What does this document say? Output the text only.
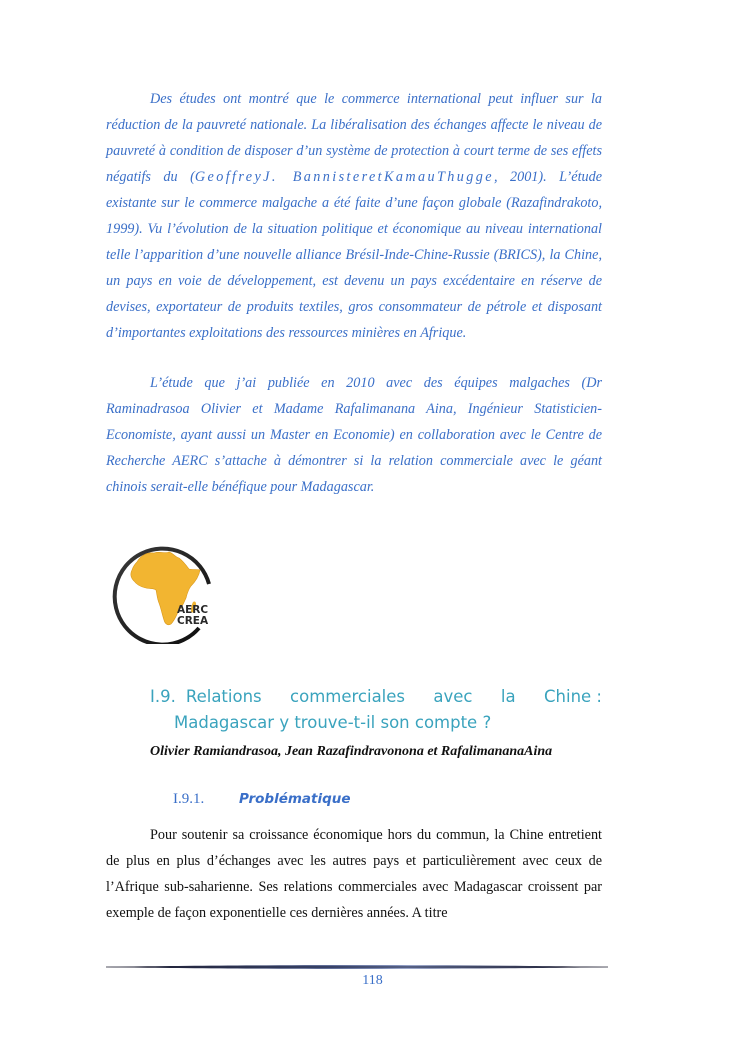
Des études ont montré que le commerce international peut influer sur la réduction de la pauvreté nationale. La libéralisation des échanges affecte le niveau de pauvreté à condition de disposer d’un système de protection à court terme de ses effets négatifs du (GeoffreyJ. BannisteretKamauThugge, 2001). L’étude existante sur le commerce malgache a été faite d’une façon globale (Razafindrakoto, 1999). Vu l’évolution de la situation politique et économique au niveau international telle l’apparition d’une nouvelle alliance Brésil-Inde-Chine-Russie (BRICS), la Chine, un pays en voie de développement, est devenu un pays excédentaire en réserve de devises, exportateur de produits textiles, gros consommateur de pétrole et disposant d’importantes exploitations des ressources minières en Afrique.

L’étude que j’ai publiée en 2010 avec des équipes malgaches (Dr Raminadrasoa Olivier et Madame Rafalimanana Aina, Ingénieur Statisticien-Economiste, ayant aussi un Master en Economie) en collaboration avec le Centre de Recherche AERC s’attache à démontrer si la relation commerciale avec le géant chinois serait-elle bénéfique pour Madagascar.

AERC
CREA
I.9. Relations commerciales avec la Chine :
Madagascar y trouve-t-il son compte ?

Olivier Ramiandrasoa, Jean Razafindravonona et RafalimananaAina

I.9.1.	Problématique

Pour soutenir sa croissance économique hors du commun, la Chine entretient de plus en plus d’échanges avec les autres pays et particulièrement avec ceux de l’Afrique sub-saharienne. Ses relations commerciales avec Madagascar croissent par exemple de façon exponentielle ces dernières années. A titre

118
